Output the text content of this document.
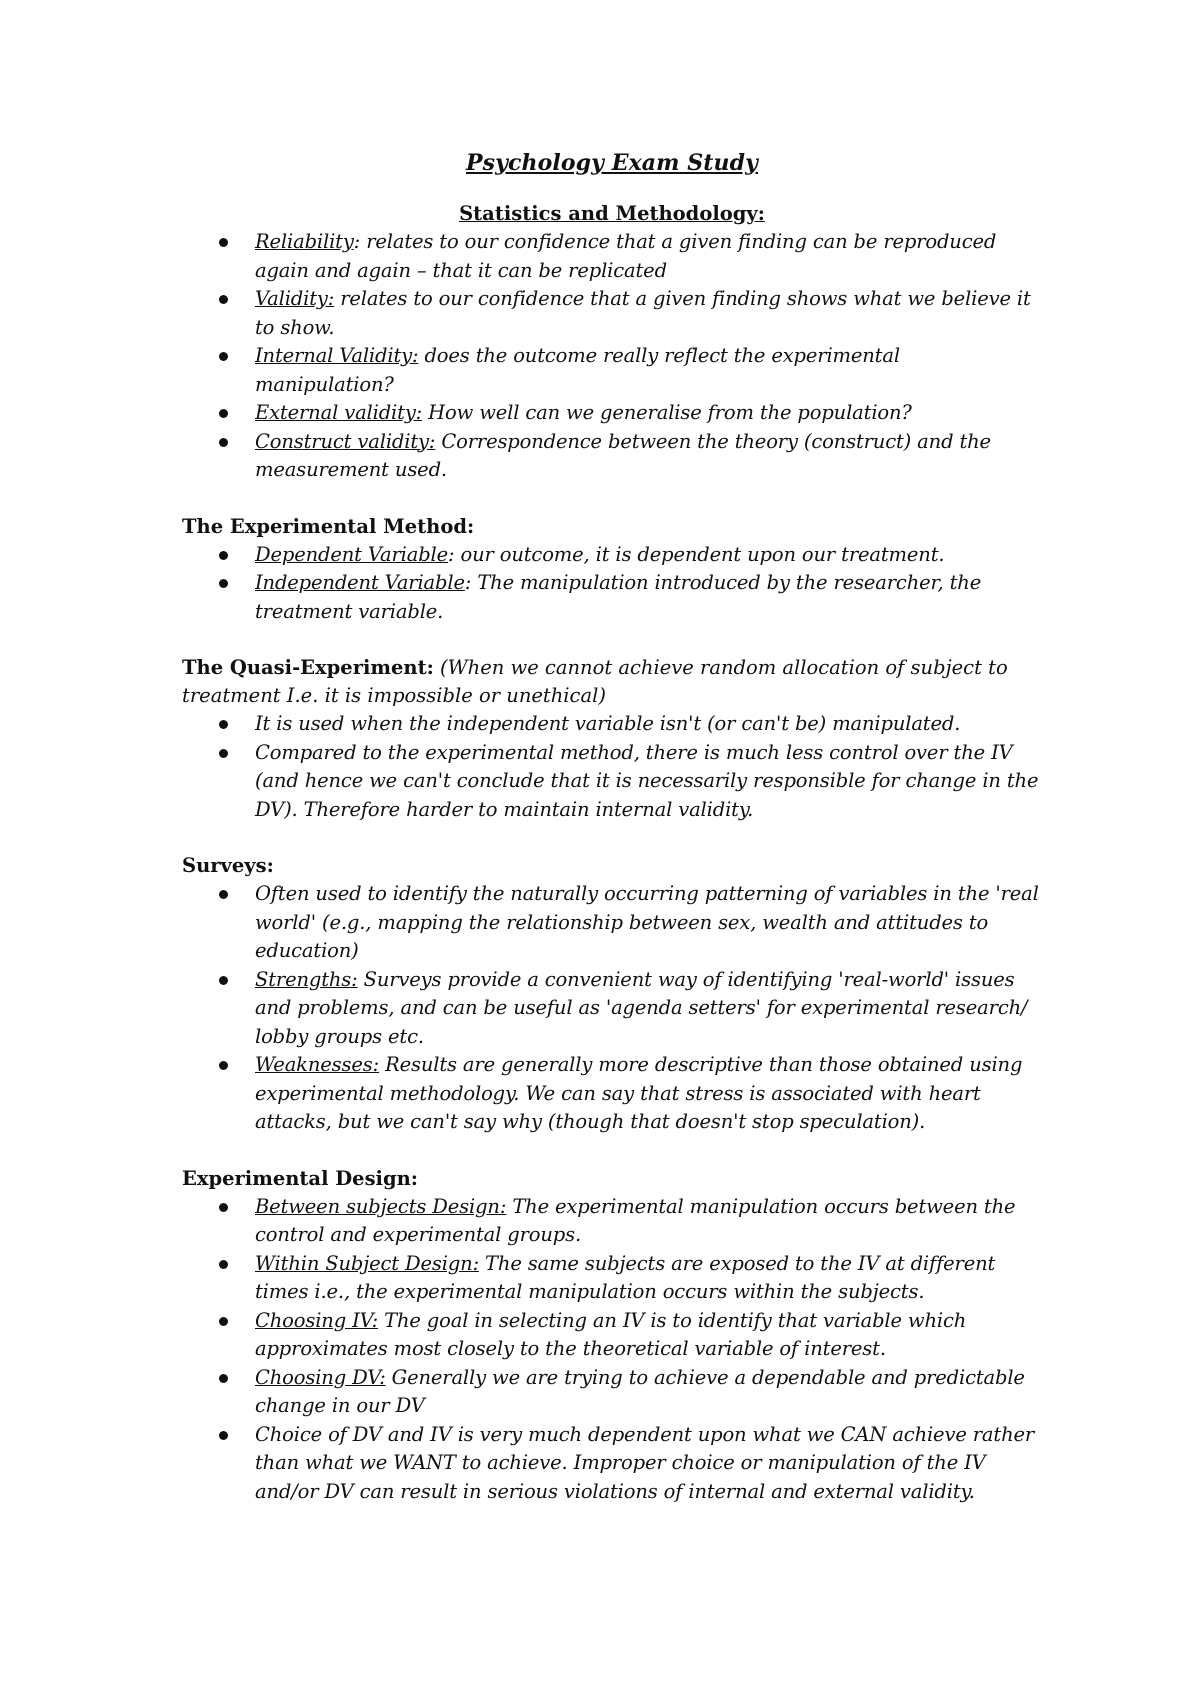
Psychology Exam Study
Statistics and Methodology:
Reliability: relates to our confidence that a given finding can be reproduced again and again – that it can be replicated
Validity: relates to our confidence that a given finding shows what we believe it to show.
Internal Validity: does the outcome really reflect the experimental manipulation?
External validity: How well can we generalise from the population?
Construct validity: Correspondence between the theory (construct) and the measurement used.
The Experimental Method:
Dependent Variable: our outcome, it is dependent upon our treatment.
Independent Variable: The manipulation introduced by the researcher, the treatment variable.
The Quasi-Experiment: (When we cannot achieve random allocation of subject to treatment I.e. it is impossible or unethical)
It is used when the independent variable isn't (or can't be) manipulated.
Compared to the experimental method, there is much less control over the IV (and hence we can't conclude that it is necessarily responsible for change in the DV). Therefore harder to maintain internal validity.
Surveys:
Often used to identify the naturally occurring patterning of variables in the 'real world' (e.g., mapping the relationship between sex, wealth and attitudes to education)
Strengths: Surveys provide a convenient way of identifying 'real-world' issues and problems, and can be useful as 'agenda setters' for experimental research/ lobby groups etc.
Weaknesses: Results are generally more descriptive than those obtained using experimental methodology. We can say that stress is associated with heart attacks, but we can't say why (though that doesn't stop speculation).
Experimental Design:
Between subjects Design: The experimental manipulation occurs between the control and experimental groups.
Within Subject Design: The same subjects are exposed to the IV at different times i.e., the experimental manipulation occurs within the subjects.
Choosing IV: The goal in selecting an IV is to identify that variable which approximates most closely to the theoretical variable of interest.
Choosing DV: Generally we are trying to achieve a dependable and predictable change in our DV
Choice of DV and IV is very much dependent upon what we CAN achieve rather than what we WANT to achieve. Improper choice or manipulation of the IV and/or DV can result in serious violations of internal and external validity.
